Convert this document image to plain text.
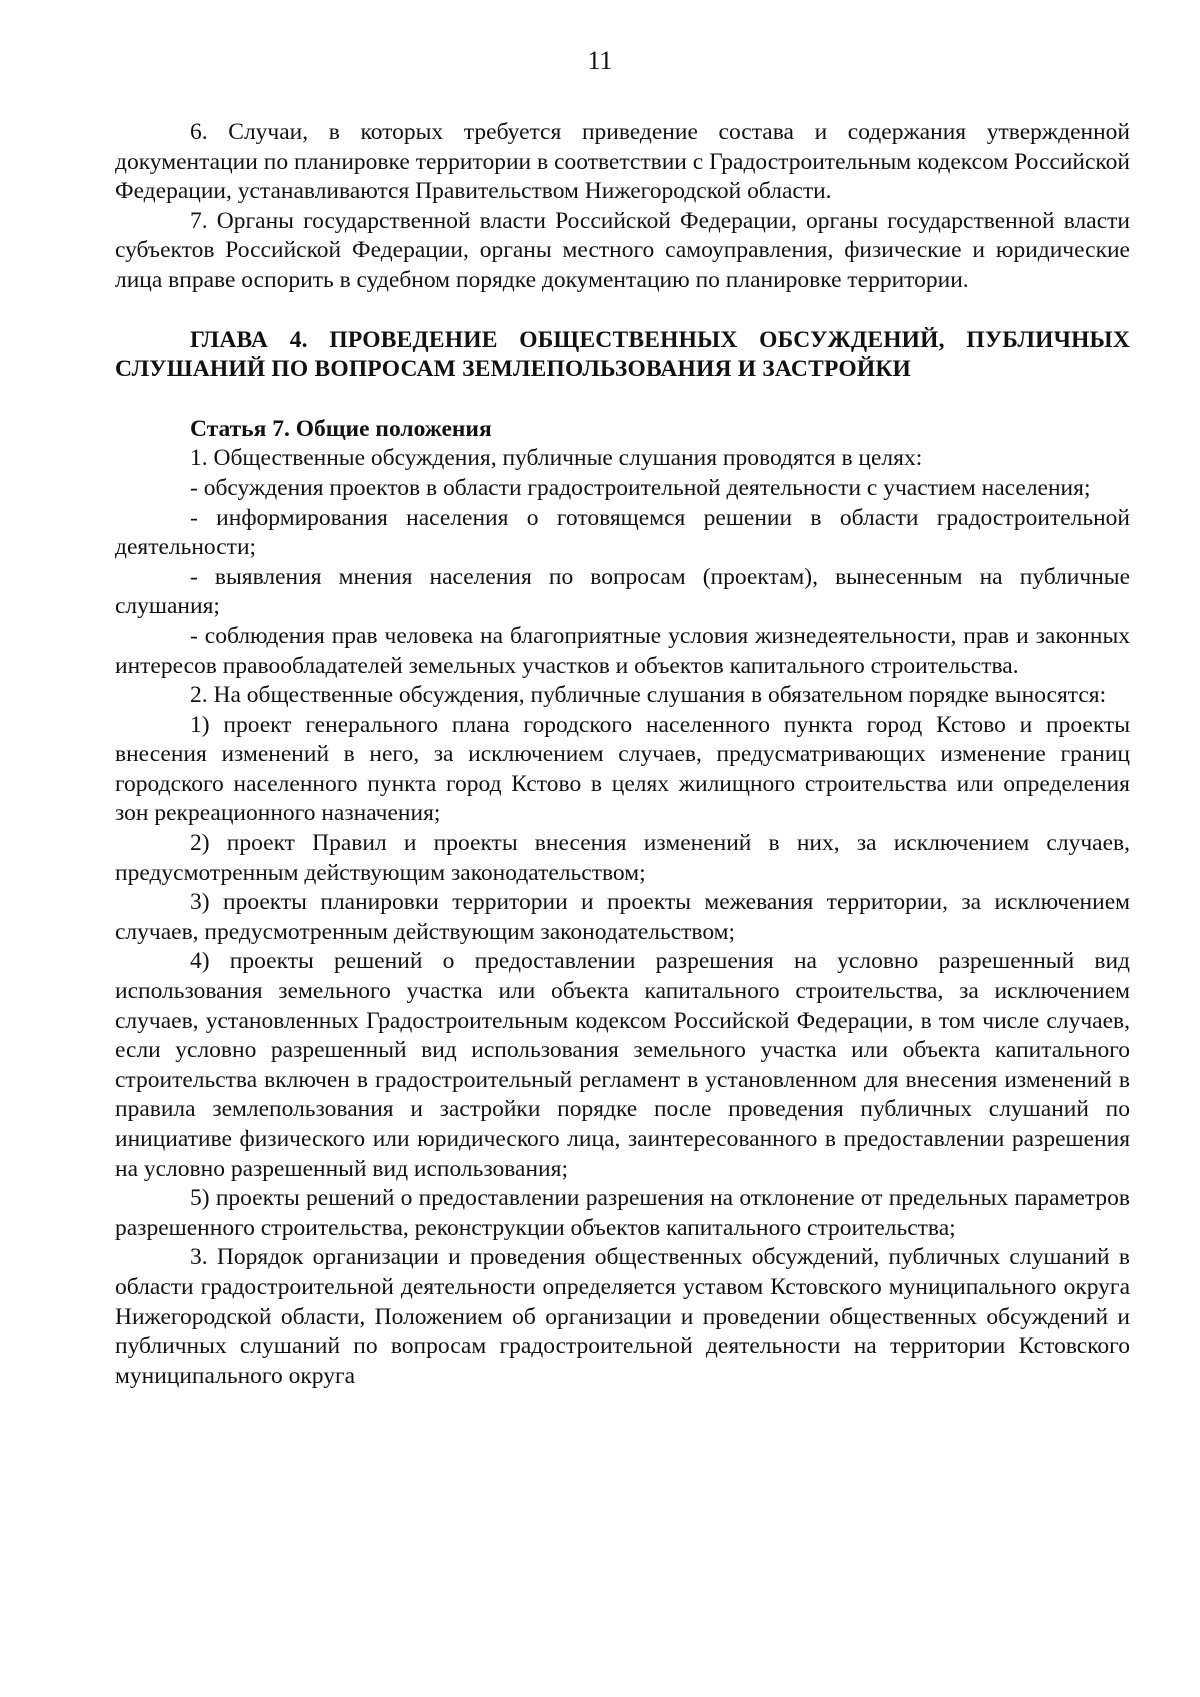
11

6. Случаи, в которых требуется приведение состава и содержания утвержденной документации по планировке территории в соответствии с Градостроительным кодексом Российской Федерации, устанавливаются Правительством Нижегородской области.

7. Органы государственной власти Российской Федерации, органы государственной власти субъектов Российской Федерации, органы местного самоуправления, физические и юридические лица вправе оспорить в судебном порядке документацию по планировке территории.

ГЛАВА 4. ПРОВЕДЕНИЕ ОБЩЕСТВЕННЫХ ОБСУЖДЕНИЙ, ПУБЛИЧНЫХ СЛУШАНИЙ ПО ВОПРОСАМ ЗЕМЛЕПОЛЬЗОВАНИЯ И ЗАСТРОЙКИ

Статья 7. Общие положения

1. Общественные обсуждения, публичные слушания проводятся в целях:

- обсуждения проектов в области градостроительной деятельности с участием населения;

- информирования населения о готовящемся решении в области градостроительной деятельности;

- выявления мнения населения по вопросам (проектам), вынесенным на публичные слушания;

- соблюдения прав человека на благоприятные условия жизнедеятельности, прав и законных интересов правообладателей земельных участков и объектов капитального строительства.

2. На общественные обсуждения, публичные слушания в обязательном порядке выносятся:

1) проект генерального плана городского населенного пункта город Кстово и проекты внесения изменений в него, за исключением случаев, предусматривающих изменение границ городского населенного пункта город Кстово в целях жилищного строительства или определения зон рекреационного назначения;

2) проект Правил и проекты внесения изменений в них, за исключением случаев, предусмотренным действующим законодательством;

3) проекты планировки территории и проекты межевания территории, за исключением случаев, предусмотренным действующим законодательством;

4) проекты решений о предоставлении разрешения на условно разрешенный вид использования земельного участка или объекта капитального строительства, за исключением случаев, установленных Градостроительным кодексом Российской Федерации, в том числе случаев, если условно разрешенный вид использования земельного участка или объекта капитального строительства включен в градостроительный регламент в установленном для внесения изменений в правила землепользования и застройки порядке после проведения публичных слушаний по инициативе физического или юридического лица, заинтересованного в предоставлении разрешения на условно разрешенный вид использования;

5) проекты решений о предоставлении разрешения на отклонение от предельных параметров разрешенного строительства, реконструкции объектов капитального строительства;

3. Порядок организации и проведения общественных обсуждений, публичных слушаний в области градостроительной деятельности определяется уставом Кстовского муниципального округа Нижегородской области, Положением об организации и проведении общественных обсуждений и публичных слушаний по вопросам градостроительной деятельности на территории Кстовского муниципального округа
